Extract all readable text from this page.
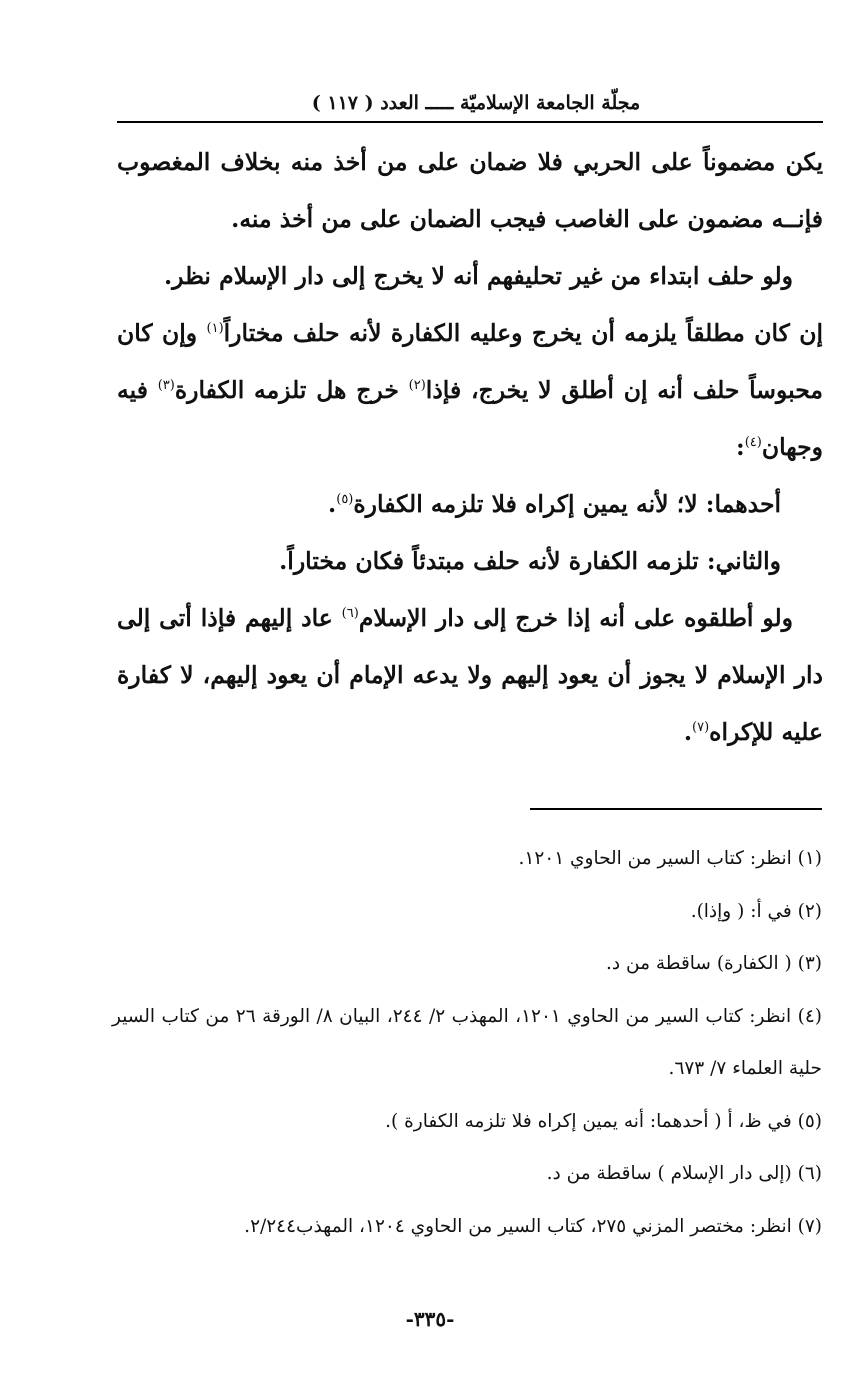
مجلّة الجامعة الإسلاميّة ـــــ العدد ( ١١٧ )

يكن مضموناً على الحربي فلا ضمان على من أخذ منه بخلاف المغصوب فإنــه مضمون على الغاصب فيجب الضمان على من أخذ منه.

ولو حلف ابتداء من غير تحليفهم أنه لا يخرج إلى دار الإسلام نظر.

إن كان مطلقاً يلزمه أن يخرج وعليه الكفارة لأنه حلف مختاراً$^{(١)}$ وإن كان محبوساً حلف أنه إن أطلق لا يخرج، فإذا$^{(٢)}$ خرج هل تلزمه الكفارة$^{(٣)}$ فيه وجهان$^{(٤)}$:

أحدهما: لا؛ لأنه يمين إكراه فلا تلزمه الكفارة$^{(٥)}$.

والثاني: تلزمه الكفارة لأنه حلف مبتدئاً فكان مختاراً.

ولو أطلقوه على أنه إذا خرج إلى دار الإسلام$^{(٦)}$ عاد إليهم فإذا أتى إلى دار الإسلام لا يجوز أن يعود إليهم ولا يدعه الإمام أن يعود إليهم، لا كفارة عليه للإكراه$^{(٧)}$.

(١) انظر: كتاب السير من الحاوي ١٢٠١.

(٢) في أ: ( وإذا).

(٣) ( الكفارة) ساقطة من د.

(٤) انظر: كتاب السير من الحاوي ١٢٠١، المهذب ٢/ ٢٤٤، البيان ٨/ الورقة ٢٦ من كتاب السير حلية العلماء ٧/ ٦٧٣.

(٥) في ظ، أ ( أحدهما: أنه يمين إكراه فلا تلزمه الكفارة ).

(٦) (إلى دار الإسلام ) ساقطة من د.

(٧) انظر: مختصر المزني ٢٧٥، كتاب السير من الحاوي ١٢٠٤، المهذب٢/٢٤٤.

-٣٣٥-
